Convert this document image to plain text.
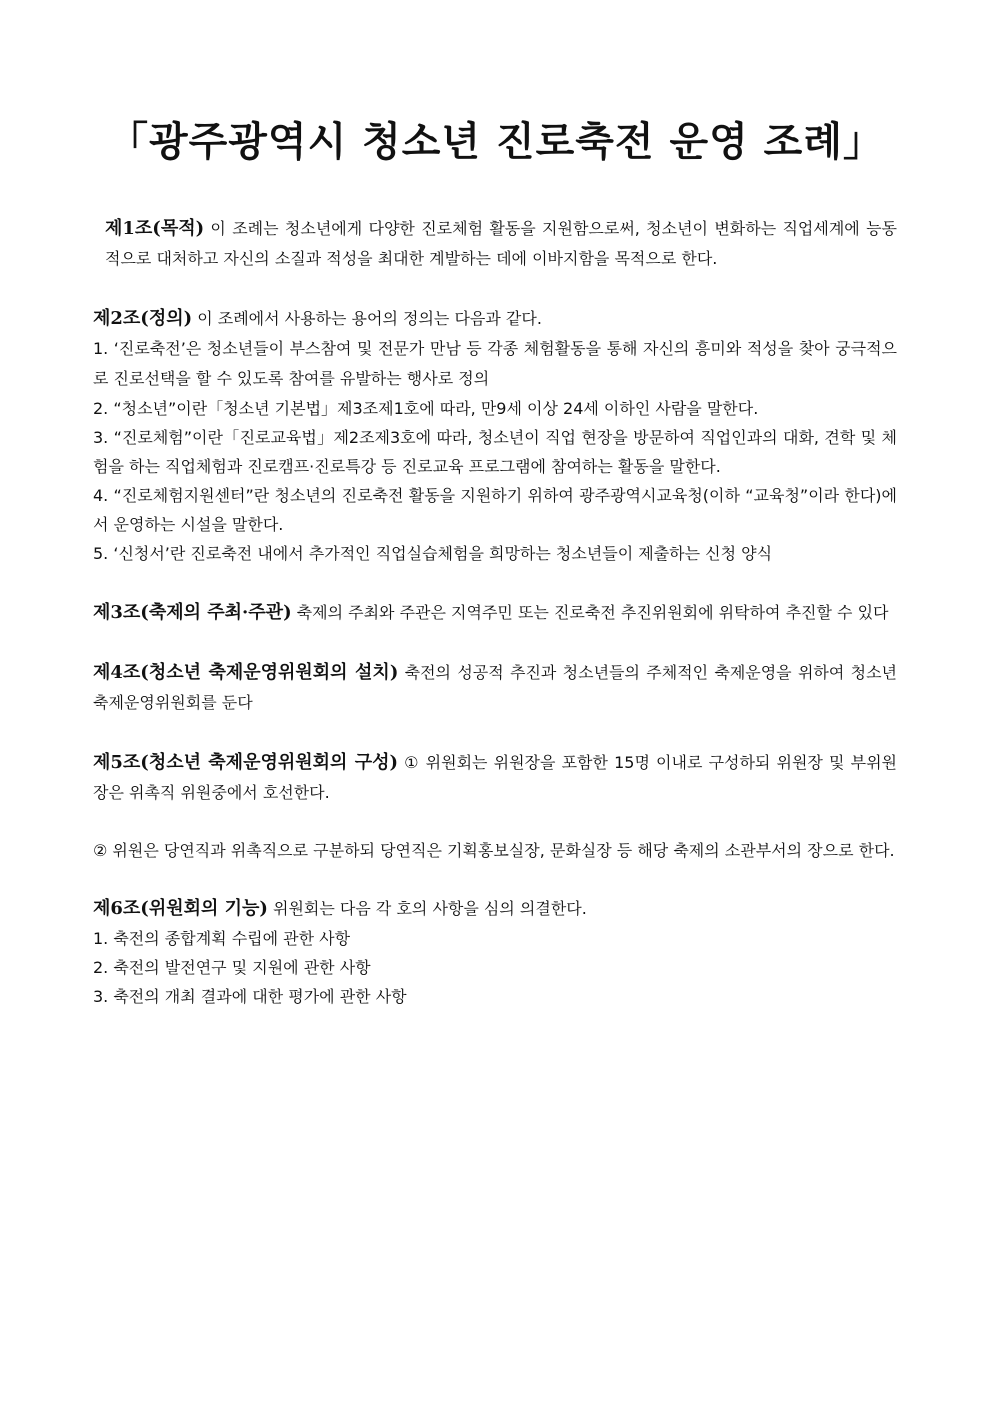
「광주광역시 청소년 진로축전 운영 조례」

제1조(목적) 이 조례는 청소년에게 다양한 진로체험 활동을 지원함으로써, 청소년이 변화하는 직업세계에 능동적으로 대처하고 자신의 소질과 적성을 최대한 계발하는 데에 이바지함을 목적으로 한다.

제2조(정의) 이 조례에서 사용하는 용어의 정의는 다음과 같다.

1. ‘진로축전’은 청소년들이 부스참여 및 전문가 만남 등 각종 체험활동을 통해 자신의 흥미와 적성을 찾아 궁극적으로 진로선택을 할 수 있도록 참여를 유발하는 행사로 정의

2. “청소년”이란「청소년 기본법」제3조제1호에 따라, 만9세 이상 24세 이하인 사람을 말한다.

3. “진로체험”이란「진로교육법」제2조제3호에 따라, 청소년이 직업 현장을 방문하여 직업인과의 대화, 견학 및 체험을 하는 직업체험과 진로캠프·진로특강 등 진로교육 프로그램에 참여하는 활동을 말한다.

4. “진로체험지원센터”란 청소년의 진로축전 활동을 지원하기 위하여 광주광역시교육청(이하 “교육청”이라 한다)에서 운영하는 시설을 말한다.

5. ‘신청서’란 진로축전 내에서 추가적인 직업실습체험을 희망하는 청소년들이 제출하는 신청 양식

제3조(축제의 주최·주관) 축제의 주최와 주관은 지역주민 또는 진로축전 추진위원회에 위탁하여 추진할 수 있다

제4조(청소년 축제운영위원회의 설치) 축전의 성공적 추진과 청소년들의 주체적인 축제운영을 위하여 청소년 축제운영위원회를 둔다

제5조(청소년 축제운영위원회의 구성) ① 위원회는 위원장을 포함한 15명 이내로 구성하되 위원장 및 부위원장은 위촉직 위원중에서 호선한다.

② 위원은 당연직과 위촉직으로 구분하되 당연직은 기획홍보실장, 문화실장 등 해당 축제의 소관부서의 장으로 한다.

제6조(위원회의 기능) 위원회는 다음 각 호의 사항을 심의 의결한다.

1. 축전의 종합계획 수립에 관한 사항

2. 축전의 발전연구 및 지원에 관한 사항

3. 축전의 개최 결과에 대한 평가에 관한 사항
